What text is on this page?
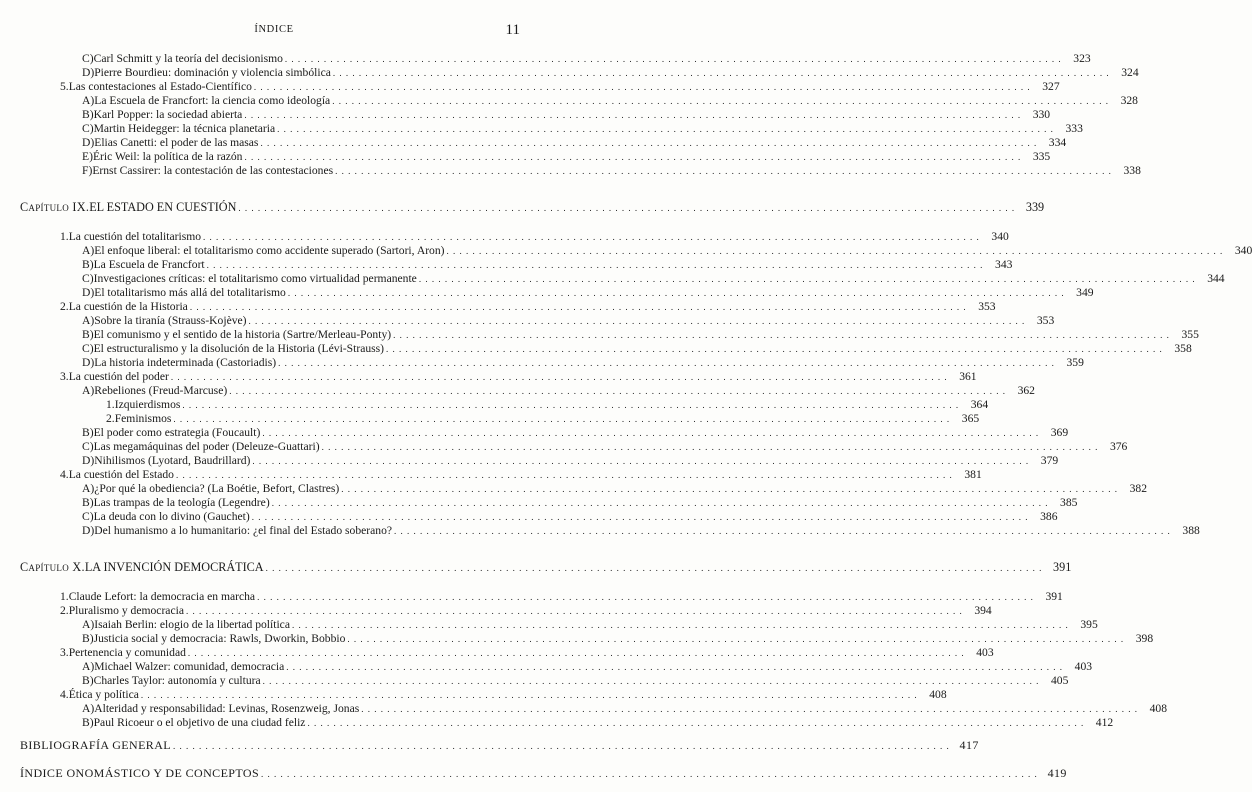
ÍNDICE	11
C) Carl Schmitt y la teoría del decisionismo . . . . . . . . . . . . . . . . . . . . . . . . . . . . . . . . . . . . . . . . . . . . . . . . . . . . . . . . . . . . . . . . . . . . . . . . . . . . . . . . . . . . . . . . . . . . . . . . . . . . . . . . . . . . . . . . . . . . . . . .	323
D) Pierre Bourdieu: dominación y violencia simbólica . . . . . . . . . . . . . . . . . . . . . . . . . . . . . . . . . . . . . . . . . . . . . . . . . . . . . . . . . . . . . . . . . . . . . . . . . . . . . . . . . . . . . . . . . . . . . . . . . . . . . . . . . . . . . . . . . . . . . . . .	324
5. Las contestaciones al Estado-Científico . . . . . . . . . . . . . . . . . . . . . . . . . . . . . . . . . . . . . . . . . . . . . . . . . . . . . . . . . . . . . . . . . . . . . . . . . . . . . . . . . . . . . . . . . . . . . . . . . . . . . . . . . . . . . . . . . . . . . . . .	327
A) La Escuela de Francfort: la ciencia como ideología . . . . . . . . . . . . . . . . . . . . . . . . . . . . . . . . . . . . . . . . . . . . . . . . . . . . . . . . . . . . . . . . . . . . . . . . . . . . . . . . . . . . . . . . . . . . . . . . . . . . . . . . . . . . . . . . . . . . . . . .	328
B) Karl Popper: la sociedad abierta . . . . . . . . . . . . . . . . . . . . . . . . . . . . . . . . . . . . . . . . . . . . . . . . . . . . . . . . . . . . . . . . . . . . . . . . . . . . . . . . . . . . . . . . . . . . . . . . . . . . . . . . . . . . . . . . . . . . . . . .	330
C) Martin Heidegger: la técnica planetaria . . . . . . . . . . . . . . . . . . . . . . . . . . . . . . . . . . . . . . . . . . . . . . . . . . . . . . . . . . . . . . . . . . . . . . . . . . . . . . . . . . . . . . . . . . . . . . . . . . . . . . . . . . . . . . . . . . . . . . . .	333
D) Elias Canetti: el poder de las masas . . . . . . . . . . . . . . . . . . . . . . . . . . . . . . . . . . . . . . . . . . . . . . . . . . . . . . . . . . . . . . . . . . . . . . . . . . . . . . . . . . . . . . . . . . . . . . . . . . . . . . . . . . . . . . . . . . . . . . . .	334
E) Éric Weil: la política de la razón . . . . . . . . . . . . . . . . . . . . . . . . . . . . . . . . . . . . . . . . . . . . . . . . . . . . . . . . . . . . . . . . . . . . . . . . . . . . . . . . . . . . . . . . . . . . . . . . . . . . . . . . . . . . . . . . . . . . . . . .	335
F) Ernst Cassirer: la contestación de las contestaciones . . . . . . . . . . . . . . . . . . . . . . . . . . . . . . . . . . . . . . . . . . . . . . . . . . . . . . . . . . . . . . . . . . . . . . . . . . . . . . . . . . . . . . . . . . . . . . . . . . . . . . . . . . . . . . . . . . . . . . . .	338
Capítulo IX. EL ESTADO EN CUESTIÓN . . . . . . . . . . . . . . . . . . . . . . . . . . . . . . . . . . . . . . . . . . . . . . . . . . . . . . . . . . . . . . . . . . . . . . . . . . . . . . . . . . . . . . . . . . . . . . . . . . . . . . . . . . . . . . . . . . . . . . . . 339
1. La cuestión del totalitarismo . . . . . . . . . . . . . . . . . . . . . . . . . . . . . . . . . . . . . . . . . . . . . . . . . . . . . . . . . . . . . . . . . . . . . . . . . . . . . . . . . . . . . . . . . . . . . . . . . . . . . . . . . . . . . . . . . . . . . . . .	340
A) El enfoque liberal: el totalitarismo como accidente superado (Sartori, Aron) . . . . . . . . . . . . . . . . . . . . . . . . . . . . . . . . . . . . . . . . . . . . . . . . . . . . . . . . . . . . . . . . . . . . . . . . . . . . . . . . . . . . . . . . . . . . . . . . . . . . . . . . . . . . . . . . . . . . . . . .	340
B) La Escuela de Francfort . . . . . . . . . . . . . . . . . . . . . . . . . . . . . . . . . . . . . . . . . . . . . . . . . . . . . . . . . . . . . . . . . . . . . . . . . . . . . . . . . . . . . . . . . . . . . . . . . . . . . . . . . . . . . . . . . . . . . . . .	343
C) Investigaciones críticas: el totalitarismo como virtualidad permanente . . . . . . . . . . . . . . . . . . . . . . . . . . . . . . . . . . . . . . . . . . . . . . . . . . . . . . . . . . . . . . . . . . . . . . . . . . . . . . . . . . . . . . . . . . . . . . . . . . . . . . . . . . . . . . . . . . . . . . . .	344
D) El totalitarismo más allá del totalitarismo . . . . . . . . . . . . . . . . . . . . . . . . . . . . . . . . . . . . . . . . . . . . . . . . . . . . . . . . . . . . . . . . . . . . . . . . . . . . . . . . . . . . . . . . . . . . . . . . . . . . . . . . . . . . . . . . . . . . . . . .	349
2. La cuestión de la Historia . . . . . . . . . . . . . . . . . . . . . . . . . . . . . . . . . . . . . . . . . . . . . . . . . . . . . . . . . . . . . . . . . . . . . . . . . . . . . . . . . . . . . . . . . . . . . . . . . . . . . . . . . . . . . . . . . . . . . . . .	353
A) Sobre la tiranía (Strauss-Kojève) . . . . . . . . . . . . . . . . . . . . . . . . . . . . . . . . . . . . . . . . . . . . . . . . . . . . . . . . . . . . . . . . . . . . . . . . . . . . . . . . . . . . . . . . . . . . . . . . . . . . . . . . . . . . . . . . . . . . . . . .	353
B) El comunismo y el sentido de la historia (Sartre/Merleau-Ponty) . . . . . . . . . . . . . . . . . . . . . . . . . . . . . . . . . . . . . . . . . . . . . . . . . . . . . . . . . . . . . . . . . . . . . . . . . . . . . . . . . . . . . . . . . . . . . . . . . . . . . . . . . . . . . . . . . . . . . . . .	355
C) El estructuralismo y la disolución de la Historia (Lévi-Strauss) . . . . . . . . . . . . . . . . . . . . . . . . . . . . . . . . . . . . . . . . . . . . . . . . . . . . . . . . . . . . . . . . . . . . . . . . . . . . . . . . . . . . . . . . . . . . . . . . . . . . . . . . . . . . . . . . . . . . . . . .	358
D) La historia indeterminada (Castoriadis) . . . . . . . . . . . . . . . . . . . . . . . . . . . . . . . . . . . . . . . . . . . . . . . . . . . . . . . . . . . . . . . . . . . . . . . . . . . . . . . . . . . . . . . . . . . . . . . . . . . . . . . . . . . . . . . . . . . . . . . .	359
3. La cuestión del poder . . . . . . . . . . . . . . . . . . . . . . . . . . . . . . . . . . . . . . . . . . . . . . . . . . . . . . . . . . . . . . . . . . . . . . . . . . . . . . . . . . . . . . . . . . . . . . . . . . . . . . . . . . . . . . . . . . . . . . . .	361
A) Rebeliones (Freud-Marcuse) . . . . . . . . . . . . . . . . . . . . . . . . . . . . . . . . . . . . . . . . . . . . . . . . . . . . . . . . . . . . . . . . . . . . . . . . . . . . . . . . . . . . . . . . . . . . . . . . . . . . . . . . . . . . . . . . . . . . . . . .	362
1. Izquierdismos . . . . . . . . . . . . . . . . . . . . . . . . . . . . . . . . . . . . . . . . . . . . . . . . . . . . . . . . . . . . . . . . . . . . . . . . . . . . . . . . . . . . . . . . . . . . . . . . . . . . . . . . . . . . . . . . . . . . . . . .	364
2. Feminismos . . . . . . . . . . . . . . . . . . . . . . . . . . . . . . . . . . . . . . . . . . . . . . . . . . . . . . . . . . . . . . . . . . . . . . . . . . . . . . . . . . . . . . . . . . . . . . . . . . . . . . . . . . . . . . . . . . . . . . . .	365
B) El poder como estrategia (Foucault) . . . . . . . . . . . . . . . . . . . . . . . . . . . . . . . . . . . . . . . . . . . . . . . . . . . . . . . . . . . . . . . . . . . . . . . . . . . . . . . . . . . . . . . . . . . . . . . . . . . . . . . . . . . . . . . . . . . . . . . .	369
C) Las megamáquinas del poder (Deleuze-Guattari) . . . . . . . . . . . . . . . . . . . . . . . . . . . . . . . . . . . . . . . . . . . . . . . . . . . . . . . . . . . . . . . . . . . . . . . . . . . . . . . . . . . . . . . . . . . . . . . . . . . . . . . . . . . . . . . . . . . . . . . .	376
D) Nihilismos (Lyotard, Baudrillard) . . . . . . . . . . . . . . . . . . . . . . . . . . . . . . . . . . . . . . . . . . . . . . . . . . . . . . . . . . . . . . . . . . . . . . . . . . . . . . . . . . . . . . . . . . . . . . . . . . . . . . . . . . . . . . . . . . . . . . . .	379
4. La cuestión del Estado . . . . . . . . . . . . . . . . . . . . . . . . . . . . . . . . . . . . . . . . . . . . . . . . . . . . . . . . . . . . . . . . . . . . . . . . . . . . . . . . . . . . . . . . . . . . . . . . . . . . . . . . . . . . . . . . . . . . . . . .	381
A) ¿Por qué la obediencia? (La Boétie, Befort, Clastres) . . . . . . . . . . . . . . . . . . . . . . . . . . . . . . . . . . . . . . . . . . . . . . . . . . . . . . . . . . . . . . . . . . . . . . . . . . . . . . . . . . . . . . . . . . . . . . . . . . . . . . . . . . . . . . . . . . . . . . . .	382
B) Las trampas de la teología (Legendre) . . . . . . . . . . . . . . . . . . . . . . . . . . . . . . . . . . . . . . . . . . . . . . . . . . . . . . . . . . . . . . . . . . . . . . . . . . . . . . . . . . . . . . . . . . . . . . . . . . . . . . . . . . . . . . . . . . . . . . . .	385
C) La deuda con lo divino (Gauchet) . . . . . . . . . . . . . . . . . . . . . . . . . . . . . . . . . . . . . . . . . . . . . . . . . . . . . . . . . . . . . . . . . . . . . . . . . . . . . . . . . . . . . . . . . . . . . . . . . . . . . . . . . . . . . . . . . . . . . . . .	386
D) Del humanismo a lo humanitario: ¿el final del Estado soberano? . . . . . . . . . . . . . . . . . . . . . . . . . . . . . . . . . . . . . . . . . . . . . . . . . . . . . . . . . . . . . . . . . . . . . . . . . . . . . . . . . . . . . . . . . . . . . . . . . . . . . . . . . . . . . . . . . . . . . . . .	388
Capítulo X. LA INVENCIÓN DEMOCRÁTICA . . . . . . . . . . . . . . . . . . . . . . . . . . . . . . . . . . . . . . . . . . . . . . . . . . . . . . . . . . . . . . . . . . . . . . . . . . . . . . . . . . . . . . . . . . . . . . . . . . . . . . . . . . . . . . . . . . . . . . . . 391
1. Claude Lefort: la democracia en marcha . . . . . . . . . . . . . . . . . . . . . . . . . . . . . . . . . . . . . . . . . . . . . . . . . . . . . . . . . . . . . . . . . . . . . . . . . . . . . . . . . . . . . . . . . . . . . . . . . . . . . . . . . . . . . . . . . . . . . . . .	391
2. Pluralismo y democracia . . . . . . . . . . . . . . . . . . . . . . . . . . . . . . . . . . . . . . . . . . . . . . . . . . . . . . . . . . . . . . . . . . . . . . . . . . . . . . . . . . . . . . . . . . . . . . . . . . . . . . . . . . . . . . . . . . . . . . . .	394
A) Isaiah Berlin: elogio de la libertad política . . . . . . . . . . . . . . . . . . . . . . . . . . . . . . . . . . . . . . . . . . . . . . . . . . . . . . . . . . . . . . . . . . . . . . . . . . . . . . . . . . . . . . . . . . . . . . . . . . . . . . . . . . . . . . . . . . . . . . . .	395
B) Justicia social y democracia: Rawls, Dworkin, Bobbio . . . . . . . . . . . . . . . . . . . . . . . . . . . . . . . . . . . . . . . . . . . . . . . . . . . . . . . . . . . . . . . . . . . . . . . . . . . . . . . . . . . . . . . . . . . . . . . . . . . . . . . . . . . . . . . . . . . . . . . .	398
3. Pertenencia y comunidad . . . . . . . . . . . . . . . . . . . . . . . . . . . . . . . . . . . . . . . . . . . . . . . . . . . . . . . . . . . . . . . . . . . . . . . . . . . . . . . . . . . . . . . . . . . . . . . . . . . . . . . . . . . . . . . . . . . . . . . .	403
A) Michael Walzer: comunidad, democracia . . . . . . . . . . . . . . . . . . . . . . . . . . . . . . . . . . . . . . . . . . . . . . . . . . . . . . . . . . . . . . . . . . . . . . . . . . . . . . . . . . . . . . . . . . . . . . . . . . . . . . . . . . . . . . . . . . . . . . . .	403
B) Charles Taylor: autonomía y cultura . . . . . . . . . . . . . . . . . . . . . . . . . . . . . . . . . . . . . . . . . . . . . . . . . . . . . . . . . . . . . . . . . . . . . . . . . . . . . . . . . . . . . . . . . . . . . . . . . . . . . . . . . . . . . . . . . . . . . . . .	405
4. Ética y política . . . . . . . . . . . . . . . . . . . . . . . . . . . . . . . . . . . . . . . . . . . . . . . . . . . . . . . . . . . . . . . . . . . . . . . . . . . . . . . . . . . . . . . . . . . . . . . . . . . . . . . . . . . . . . . . . . . . . . . .	408
A) Alteridad y responsabilidad: Levinas, Rosenzweig, Jonas . . . . . . . . . . . . . . . . . . . . . . . . . . . . . . . . . . . . . . . . . . . . . . . . . . . . . . . . . . . . . . . . . . . . . . . . . . . . . . . . . . . . . . . . . . . . . . . . . . . . . . . . . . . . . . . . . . . . . . . .	408
B) Paul Ricoeur o el objetivo de una ciudad feliz . . . . . . . . . . . . . . . . . . . . . . . . . . . . . . . . . . . . . . . . . . . . . . . . . . . . . . . . . . . . . . . . . . . . . . . . . . . . . . . . . . . . . . . . . . . . . . . . . . . . . . . . . . . . . . . . . . . . . . . .	412
BIBLIOGRAFÍA GENERAL . . . . . . . . . . . . . . . . . . . . . . . . . . . . . . . . . . . . . . . . . . . . . . . . . . . . . . . . . . . . . . . . . . . . . . . . . . . . . . . . . . . . . . . . . . . . . . . . . . . . . . . . . . . . . . . . . . . . . . . . 417
ÍNDICE ONOMÁSTICO Y DE CONCEPTOS . . . . . . . . . . . . . . . . . . . . . . . . . . . . . . . . . . . . . . . . . . . . . . . . . . . . . . . . . . . . . . . . . . . . . . . . . . . . . . . . . . . . . . . . . . . . . . . . . . . . . . . . . . . . . . . . . . . . . . . . 419
